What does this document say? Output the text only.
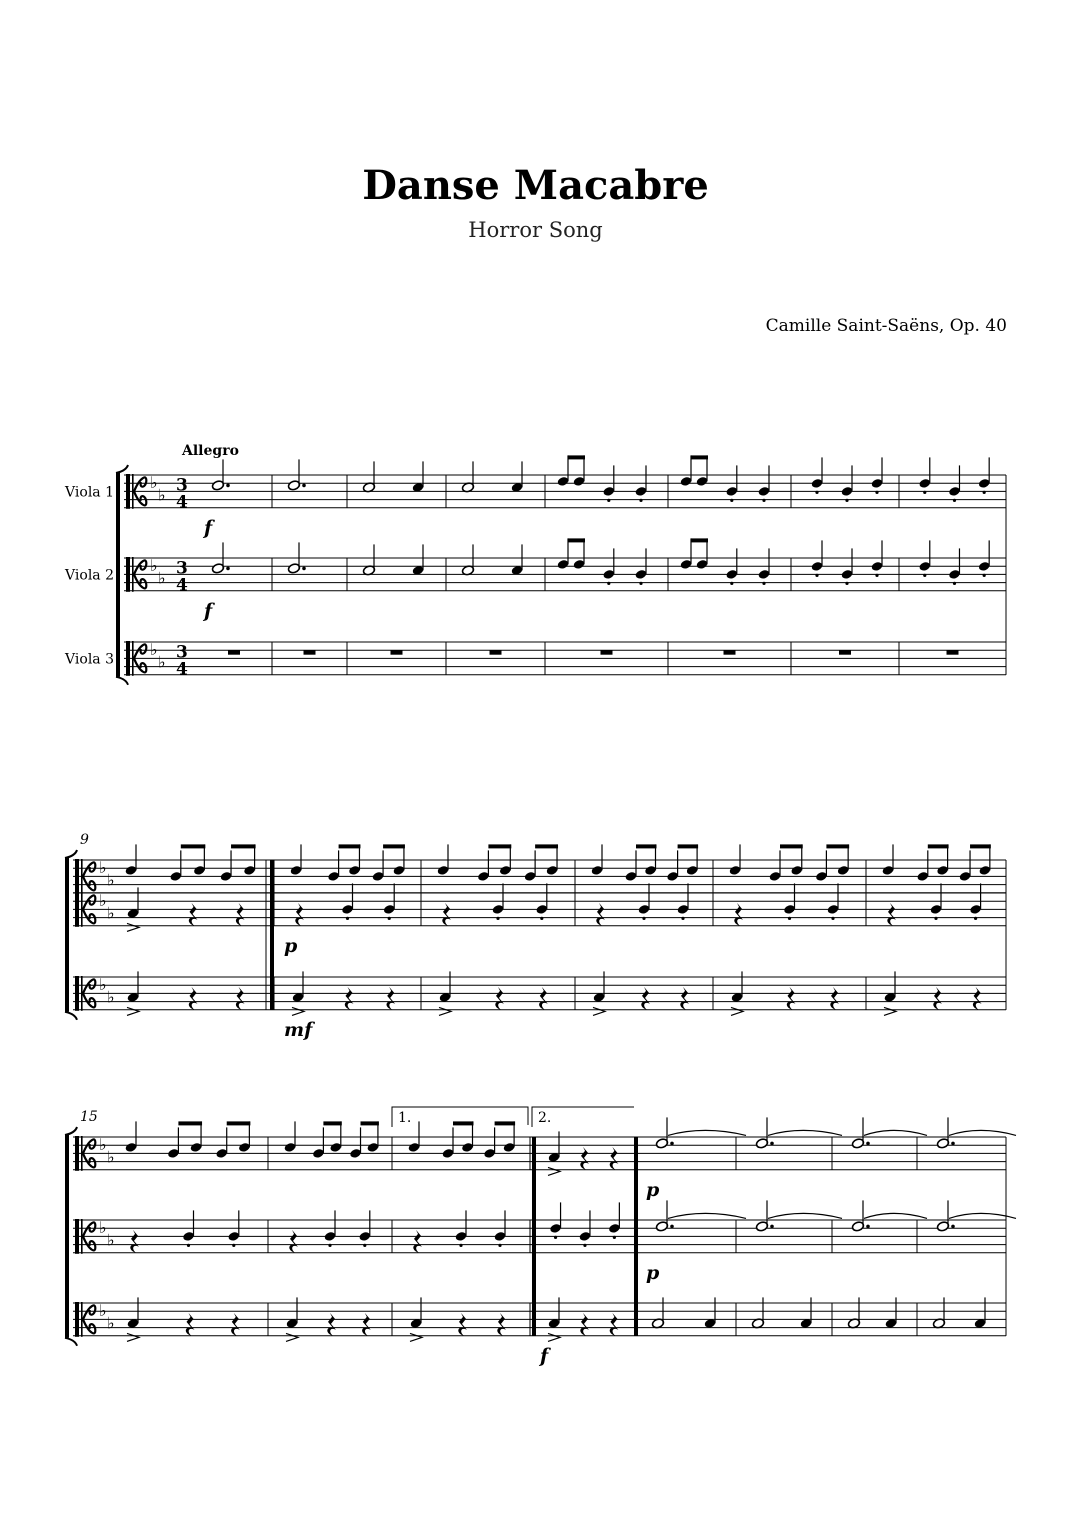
Danse Macabre
Horror Song
Camille Saint-Saëns, Op. 40
Viola 1
Viola 2
Viola 3
Allegro
♭
♭ 3
4
♭
♭ 3
4
♭
♭ 3
4
f
f
9
♭
♭
♭
♭
♭
♭
p
mf
15
♭
♭
♭
♭
♭
♭
f
p
p
1.	2.
